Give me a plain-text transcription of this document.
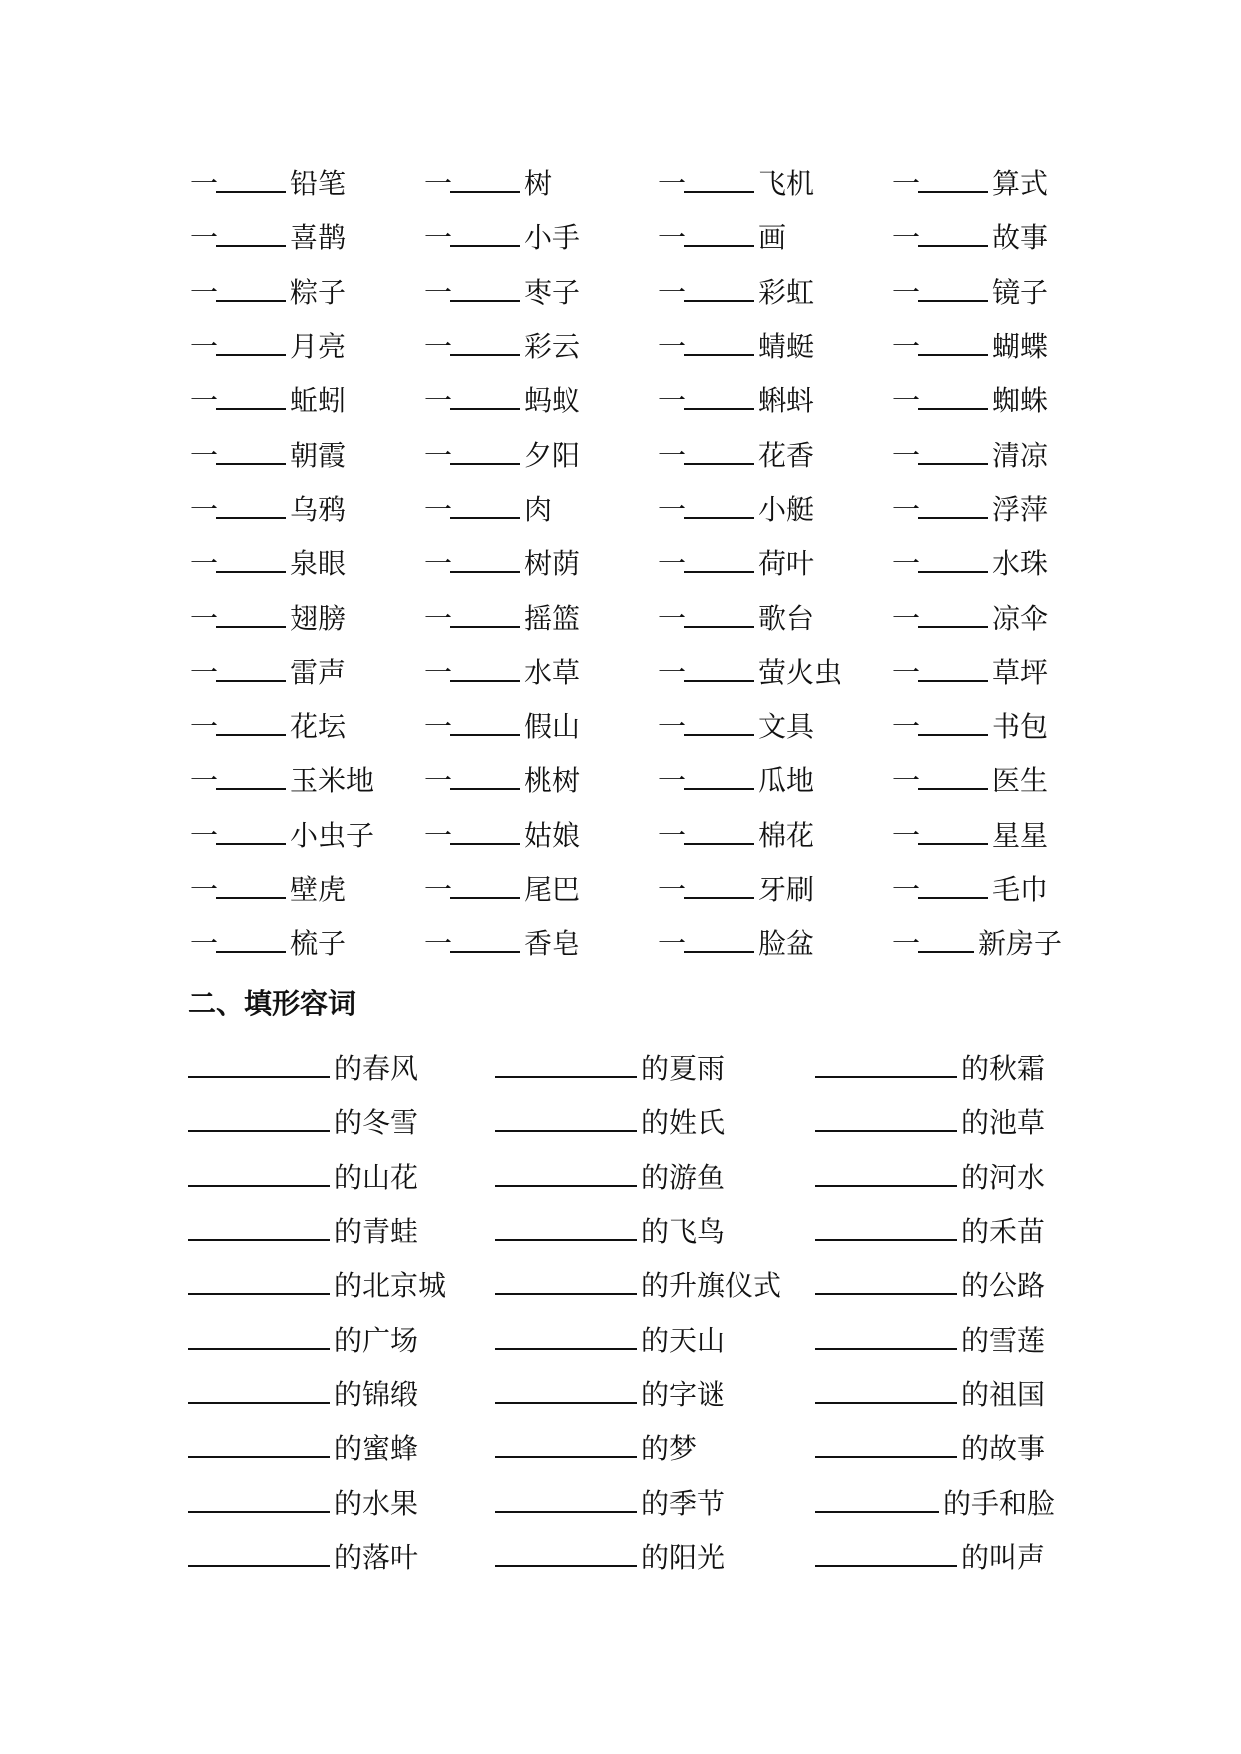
一	铅笔	一	树	一	飞机	一	算式
一	喜鹊	一	小手	一	画	一	故事
一	粽子	一	枣子	一	彩虹	一	镜子
一	月亮	一	彩云	一	蜻蜓	一	蝴蝶
一	蚯蚓	一	蚂蚁	一	蝌蚪	一	蜘蛛
一	朝霞	一	夕阳	一	花香	一	清凉
一	乌鸦	一	肉	一	小艇	一	浮萍
一	泉眼	一	树荫	一	荷叶	一	水珠
一	翅膀	一	摇篮	一	歌台	一	凉伞
一	雷声	一	水草	一	萤火虫 一	草坪
一	花坛	一	假山	一	文具	一	书包
一	玉米地 一	桃树	一	瓜地	一	医生
一	小虫子 一	姑娘	一	棉花	一	星星
一	壁虎	一	尾巴	一	牙刷	一	毛巾
一	梳子	一	香皂	一	脸盆	一 新房子
二、填形容词
的春风	的夏雨	的秋霜
的冬雪	的姓氏	的池草
的山花	的游鱼	的河水
的青蛙	的飞鸟	的禾苗
的北京城	的升旗仪式	的公路
的广场	的天山	的雪莲
的锦缎	的字谜	的祖国
的蜜蜂	的梦	的故事
的水果	的季节	的手和脸
的落叶	的阳光	的叫声
